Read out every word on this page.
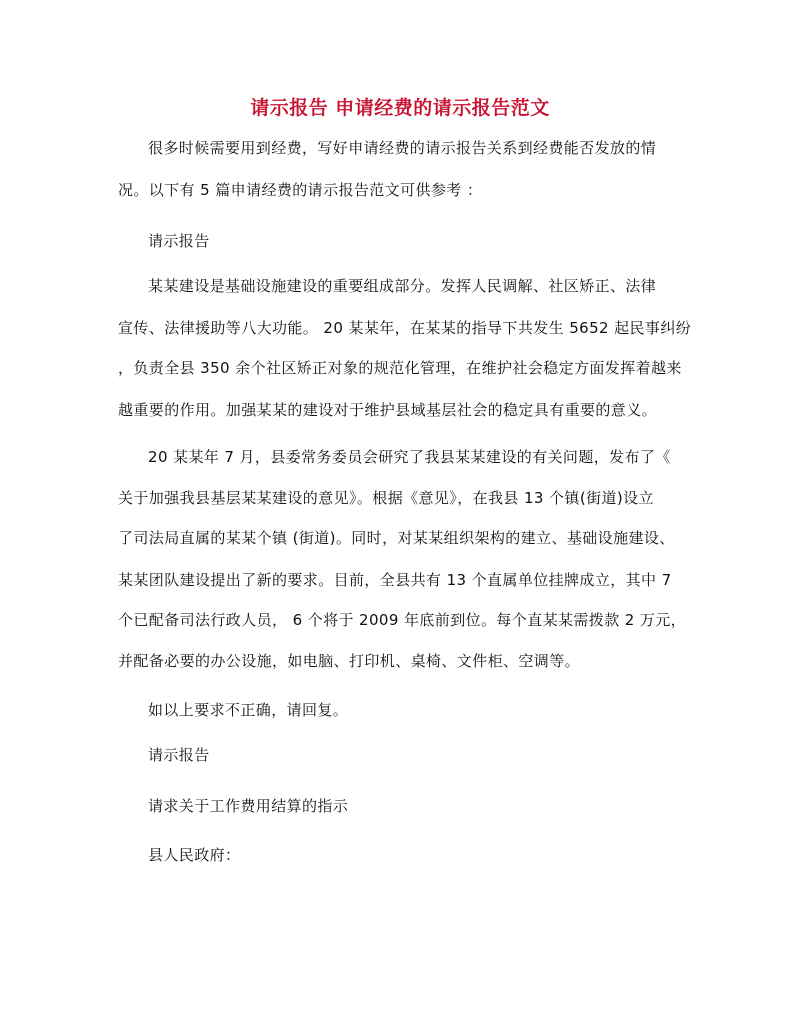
请示报告 申请经费的请示报告范文
很多时候需要用到经费，写好申请经费的请示报告关系到经费能否发放的情
况。以下有 5 篇申请经费的请示报告范文可供参考 ：
请示报告
某某建设是基础设施建设的重要组成部分。发挥人民调解、社区矫正、法律
宣传、法律援助等八大功能。 20 某某年，在某某的指导下共发生 5652 起民事纠纷
，负责全县 350 余个社区矫正对象的规范化管理，在维护社会稳定方面发挥着越来
越重要的作用。加强某某的建设对于维护县域基层社会的稳定具有重要的意义。
20 某某年 7 月，县委常务委员会研究了我县某某建设的有关问题，发布了《
关于加强我县基层某某建设的意见》。根据《意见》，在我县 13 个镇(街道)设立
了司法局直属的某某个镇 (街道)。同时，对某某组织架构的建立、基础设施建设、
某某团队建设提出了新的要求。目前，全县共有 13 个直属单位挂牌成立，其中 7
个已配备司法行政人员， 6 个将于 2009 年底前到位。每个直某某需拨款 2 万元，
并配备必要的办公设施，如电脑、打印机、桌椅、文件柜、空调等。
如以上要求不正确，请回复。
请示报告
请求关于工作费用结算的指示
县人民政府：
